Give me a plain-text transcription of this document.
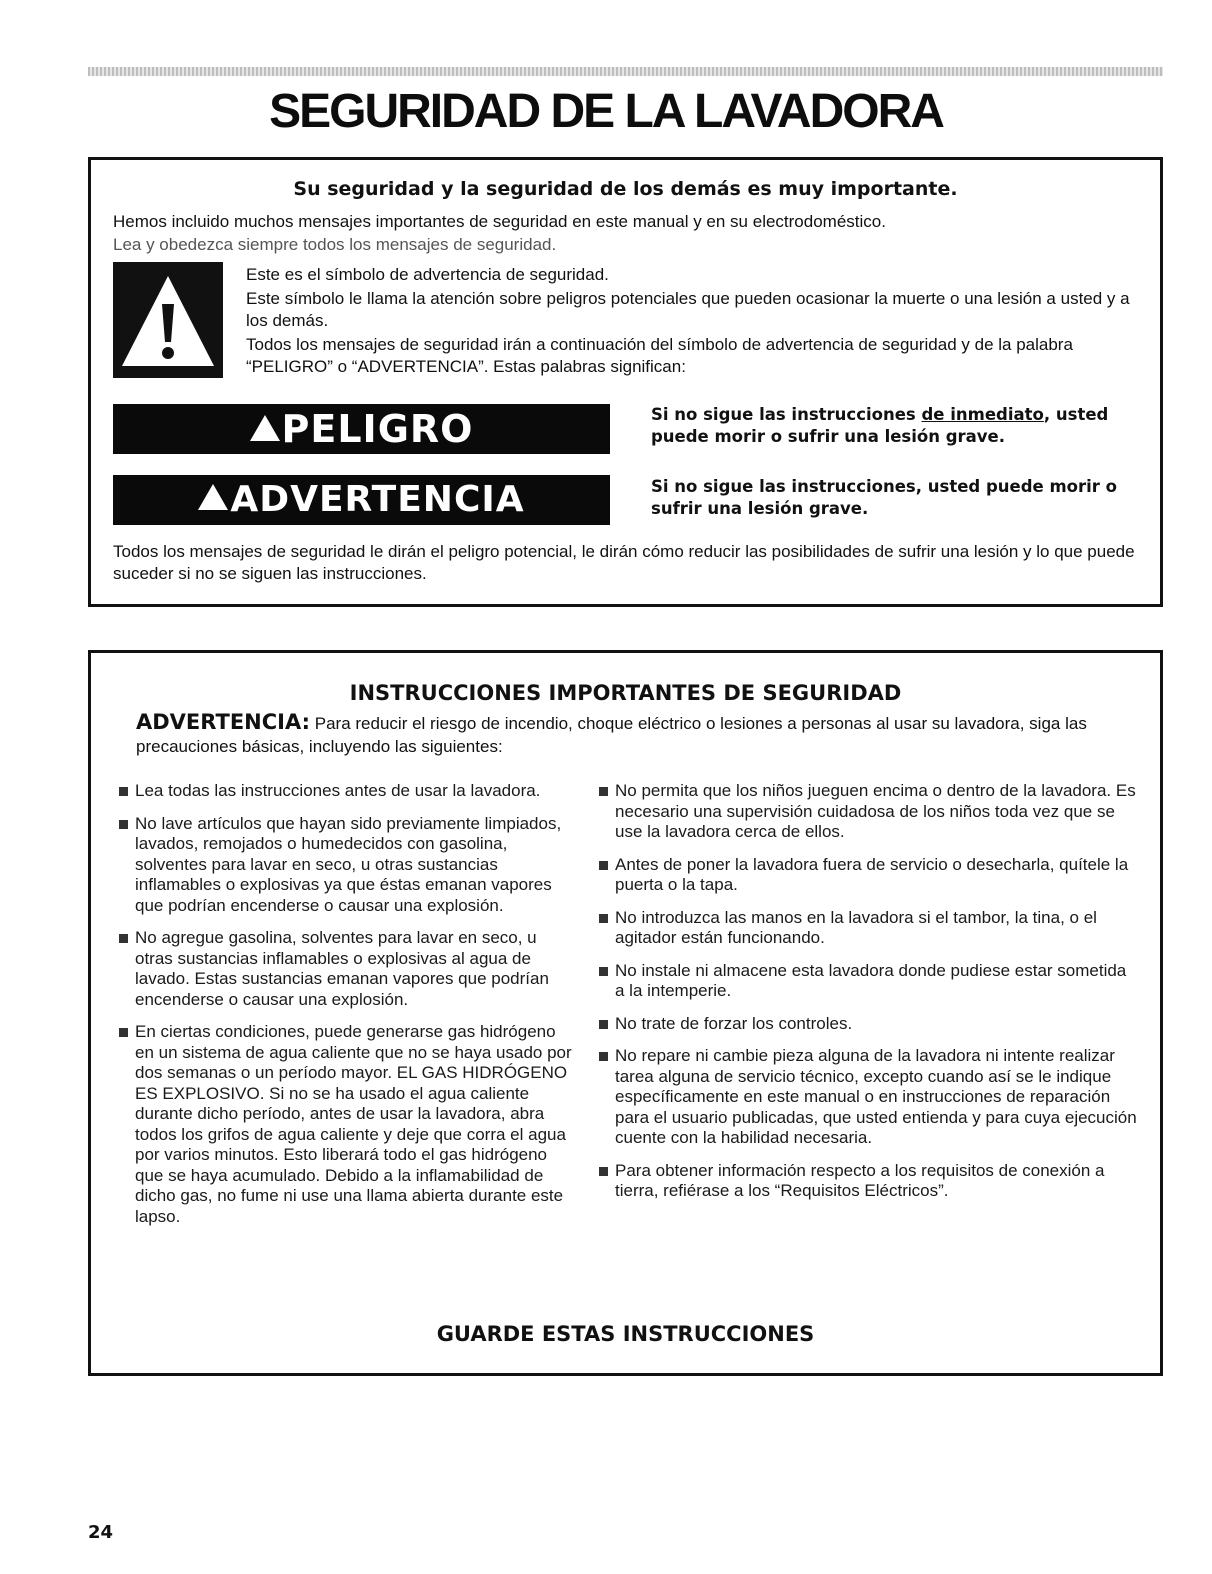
SEGURIDAD DE LA LAVADORA
Su seguridad y la seguridad de los demás es muy importante.
Hemos incluido muchos mensajes importantes de seguridad en este manual y en su electrodoméstico.
Lea y obedezca siempre todos los mensajes de seguridad.
Este es el símbolo de advertencia de seguridad.
Este símbolo le llama la atención sobre peligros potenciales que pueden ocasionar la muerte o una lesión a usted y a los demás.
Todos los mensajes de seguridad irán a continuación del símbolo de advertencia de seguridad y de la palabra “PELIGRO” o “ADVERTENCIA”. Estas palabras significan:
PELIGRO	Si no sigue las instrucciones de inmediato, usted puede morir o sufrir una lesión grave.
ADVERTENCIA	Si no sigue las instrucciones, usted puede morir o sufrir una lesión grave.
Todos los mensajes de seguridad le dirán el peligro potencial, le dirán cómo reducir las posibilidades de sufrir una lesión y lo que puede suceder si no se siguen las instrucciones.
INSTRUCCIONES IMPORTANTES DE SEGURIDAD
ADVERTENCIA: Para reducir el riesgo de incendio, choque eléctrico o lesiones a personas al usar su lavadora, siga las precauciones básicas, incluyendo las siguientes:
Lea todas las instrucciones antes de usar la lavadora.
No lave artículos que hayan sido previamente limpiados, lavados, remojados o humedecidos con gasolina, solventes para lavar en seco, u otras sustancias inflamables o explosivas ya que éstas emanan vapores que podrían encenderse o causar una explosión.
No agregue gasolina, solventes para lavar en seco, u otras sustancias inflamables o explosivas al agua de lavado. Estas sustancias emanan vapores que podrían encenderse o causar una explosión.
En ciertas condiciones, puede generarse gas hidrógeno en un sistema de agua caliente que no se haya usado por dos semanas o un período mayor. EL GAS HIDRÓGENO ES EXPLOSIVO. Si no se ha usado el agua caliente durante dicho período, antes de usar la lavadora, abra todos los grifos de agua caliente y deje que corra el agua por varios minutos. Esto liberará todo el gas hidrógeno que se haya acumulado. Debido a la inflamabilidad de dicho gas, no fume ni use una llama abierta durante este lapso.
No permita que los niños jueguen encima o dentro de la lavadora. Es necesario una supervisión cuidadosa de los niños toda vez que se use la lavadora cerca de ellos.
Antes de poner la lavadora fuera de servicio o desecharla, quítele la puerta o la tapa.
No introduzca las manos en la lavadora si el tambor, la tina, o el agitador están funcionando.
No instale ni almacene esta lavadora donde pudiese estar sometida a la intemperie.
No trate de forzar los controles.
No repare ni cambie pieza alguna de la lavadora ni intente realizar tarea alguna de servicio técnico, excepto cuando así se le indique específicamente en este manual o en instrucciones de reparación para el usuario publicadas, que usted entienda y para cuya ejecución cuente con la habilidad necesaria.
Para obtener información respecto a los requisitos de conexión a tierra, refiérase a los “Requisitos Eléctricos”.
GUARDE ESTAS INSTRUCCIONES
24
